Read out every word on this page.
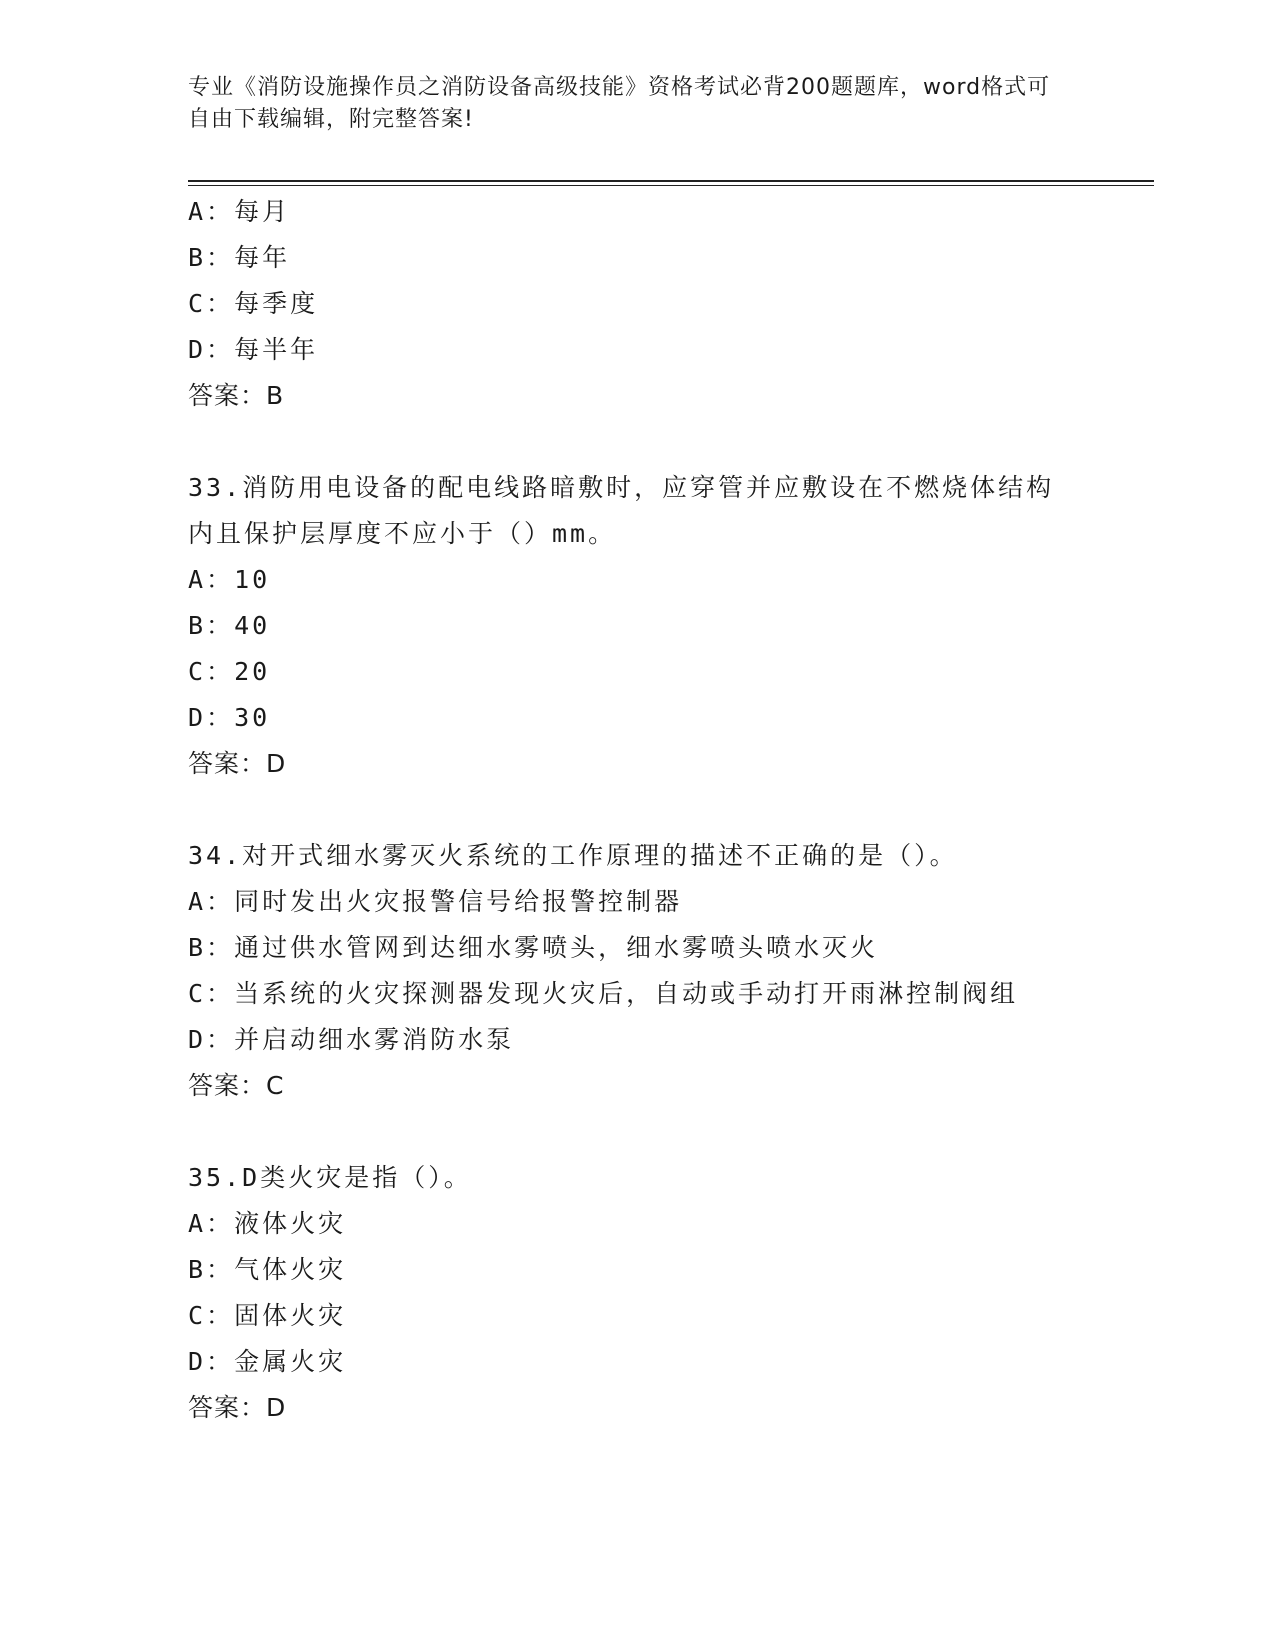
专业《消防设施操作员之消防设备高级技能》资格考试必背200题题库，word格式可自由下载编辑，附完整答案!
A：每月
B：每年
C：每季度
D：每半年
答案：B
33.消防用电设备的配电线路暗敷时，应穿管并应敷设在不燃烧体结构内且保护层厚度不应小于（）mm。
A：10
B：40
C：20
D：30
答案：D
34.对开式细水雾灭火系统的工作原理的描述不正确的是（）。
A：同时发出火灾报警信号给报警控制器
B：通过供水管网到达细水雾喷头，细水雾喷头喷水灭火
C：当系统的火灾探测器发现火灾后，自动或手动打开雨淋控制阀组
D：并启动细水雾消防水泵
答案：C
35.D类火灾是指（）。
A：液体火灾
B：气体火灾
C：固体火灾
D：金属火灾
答案：D
